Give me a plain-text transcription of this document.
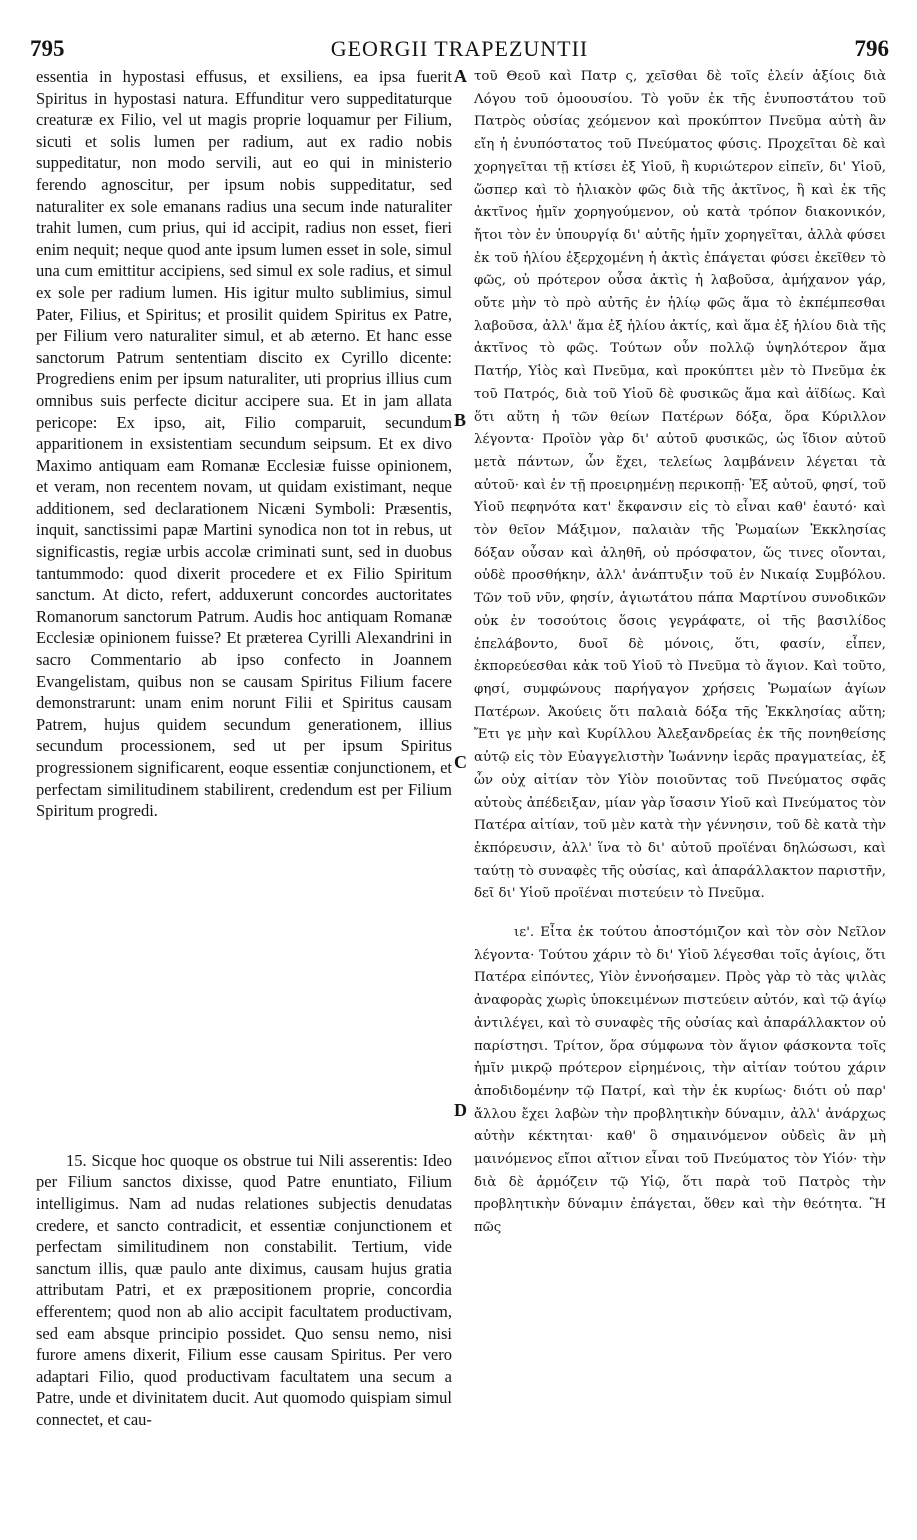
795	GEORGII TRAPEZUNTII	796

essentia in hypostasi effusus, et exsiliens, ea ipsa fuerit Spiritus in hypostasi natura. Effunditur vero suppeditaturque creaturæ ex Filio, vel ut magis proprie loquamur per Filium, sicuti et solis lumen per radium, aut ex radio nobis suppeditatur, non modo servili, aut eo qui in ministerio ferendo agnoscitur, per ipsum nobis suppeditatur, sed naturaliter ex sole emanans radius una secum inde naturaliter trahit lumen, cum prius, qui id accipit, radius non esset, fieri enim nequit; neque quod ante ipsum lumen esset in sole, simul una cum emittitur accipiens, sed simul ex sole radius, et simul ex sole per radium lumen. His igitur multo sublimius, simul Pater, Filius, et Spiritus; et prosilit quidem Spiritus ex Patre, per Filium vero naturaliter simul, et ab æterno. Et hanc esse sanctorum Patrum sententiam discito ex Cyrillo dicente: Progrediens enim per ipsum naturaliter, uti proprius illius cum omnibus suis perfecte dicitur accipere sua. Et in jam allata pericope: Ex ipso, ait, Filio comparuit, secundum apparitionem in exsistentiam secundum seipsum. Et ex divo Maximo antiquam eam Romanæ Ecclesiæ fuisse opinionem, et veram, non recentem novam, ut quidam existimant, neque additionem, sed declarationem Nicæni Symboli: Præsentis, inquit, sanctissimi papæ Martini synodica non tot in rebus, ut significastis, regiæ urbis accolæ criminati sunt, sed in duobus tantummodo: quod dixerit procedere et ex Filio Spiritum sanctum. At dicto, refert, adduxerunt concordes auctoritates Romanorum sanctorum Patrum. Audis hoc antiquam Romanæ Ecclesiæ opinionem fuisse? Et præterea Cyrilli Alexandrini in sacro Commentario ab ipso confecto in Joannem Evangelistam, quibus non se causam Spiritus Filium facere demonstrarunt: unam enim norunt Filii et Spiritus causam Patrem, hujus quidem secundum generationem, illius secundum processionem, sed ut per ipsum Spiritus progressionem significarent, eoque essentiæ conjunctionem, et perfectam similitudinem stabilirent, credendum est per Filium Spiritum progredi.

15. Sicque hoc quoque os obstrue tui Nili asserentis: Ideo per Filium sanctos dixisse, quod Patre enuntiato, Filium intelligimus. Nam ad nudas relationes subjectis denudatas credere, et sancto contradicit, et essentiæ conjunctionem et perfectam similitudinem non constabilit. Tertium, vide sanctum illis, quæ paulo ante diximus, causam hujus gratia attributam Patri, et ex præpositionem proprie, concordia efferentem; quod non ab alio accipit facultatem productivam, sed eam absque principio possidet. Quo sensu nemo, nisi furore amens dixerit, Filium esse causam Spiritus. Per vero adaptari Filio, quod productivam facultatem una secum a Patre, unde et divinitatem ducit. Aut quomodo quispiam simul connectet, et cau-

A
B
C
D

τοῦ Θεοῦ καὶ Πατρ ς, χεῖσθαι δὲ τοῖς ἐλείν ἀξίοις διὰ Λόγου τοῦ ὁμοουσίου. Τὸ γοῦν ἐκ τῆς ἐνυποστάτου τοῦ Πατρὸς οὐσίας χεόμενον καὶ προκύπτον Πνεῦμα αὐτὴ ἂν εἴη ἡ ἐνυπόστατος τοῦ Πνεύματος φύσις. Προχεῖται δὲ καὶ χορηγεῖται τῇ κτίσει ἐξ Υἱοῦ, ἢ κυριώτερον εἰπεῖν, δι' Υἱοῦ, ὥσπερ καὶ τὸ ἡλιακὸν φῶς διὰ τῆς ἀκτῖνος, ἢ καὶ ἐκ τῆς ἀκτῖνος ἡμῖν χορηγούμενον, οὐ κατὰ τρόπον διακονικόν, ἤτοι τὸν ἐν ὑπουργίᾳ δι' αὐτῆς ἡμῖν χορηγεῖται, ἀλλὰ φύσει ἐκ τοῦ ἡλίου ἐξερχομένη ἡ ἀκτὶς ἐπάγεται φύσει ἐκεῖθεν τὸ φῶς, οὐ πρότερον οὖσα ἀκτὶς ἡ λαβοῦσα, ἀμήχανον γάρ, οὔτε μὴν τὸ πρὸ αὐτῆς ἐν ἡλίῳ φῶς ἅμα τὸ ἐκπέμπεσθαι λαβοῦσα, ἀλλ' ἅμα ἐξ ἡλίου ἀκτίς, καὶ ἅμα ἐξ ἡλίου διὰ τῆς ἀκτῖνος τὸ φῶς. Τούτων οὖν πολλῷ ὑψηλότερον ἅμα Πατήρ, Υἱὸς καὶ Πνεῦμα, καὶ προκύπτει μὲν τὸ Πνεῦμα ἐκ τοῦ Πατρός, διὰ τοῦ Υἱοῦ δὲ φυσικῶς ἅμα καὶ ἀϊδίως. Καὶ ὅτι αὕτη ἡ τῶν θείων Πατέρων δόξα, ὅρα Κύριλλον λέγοντα· Προϊὸν γὰρ δι' αὐτοῦ φυσικῶς, ὡς ἴδιον αὐτοῦ μετὰ πάντων, ὧν ἔχει, τελείως λαμβάνειν λέγεται τὰ αὐτοῦ· καὶ ἐν τῇ προειρημένῃ περικοπῇ· Ἐξ αὐτοῦ, φησί, τοῦ Υἱοῦ πεφηνότα κατ' ἔκφανσιν εἰς τὸ εἶναι καθ' ἑαυτό· καὶ τὸν θεῖον Μάξιμον, παλαιὰν τῆς Ῥωμαίων Ἐκκλησίας δόξαν οὖσαν καὶ ἀληθῆ, οὐ πρόσφατον, ὥς τινες οἴονται, οὐδὲ προσθήκην, ἀλλ' ἀνάπτυξιν τοῦ ἐν Νικαίᾳ Συμβόλου. Τῶν τοῦ νῦν, φησίν, ἁγιωτάτου πάπα Μαρτίνου συνοδικῶν οὐκ ἐν τοσούτοις ὅσοις γεγράφατε, οἱ τῆς βασιλίδος ἐπελάβοντο, δυοῖ δὲ μόνοις, ὅτι, φασίν, εἶπεν, ἐκπορεύεσθαι κἀκ τοῦ Υἱοῦ τὸ Πνεῦμα τὸ ἅγιον. Καὶ τοῦτο, φησί, συμφώνους παρήγαγον χρήσεις Ῥωμαίων ἁγίων Πατέρων. Ἀκούεις ὅτι παλαιὰ δόξα τῆς Ἐκκλησίας αὕτη; Ἔτι γε μὴν καὶ Κυρίλλου Ἀλεξανδρείας ἐκ τῆς πονηθείσης αὐτῷ εἰς τὸν Εὐαγγελιστὴν Ἰωάννην ἱερᾶς πραγματείας, ἐξ ὧν οὐχ αἰτίαν τὸν Υἱὸν ποιοῦντας τοῦ Πνεύματος σφᾶς αὐτοὺς ἀπέδειξαν, μίαν γὰρ ἴσασιν Υἱοῦ καὶ Πνεύματος τὸν Πατέρα αἰτίαν, τοῦ μὲν κατὰ τὴν γέννησιν, τοῦ δὲ κατὰ τὴν ἐκπόρευσιν, ἀλλ' ἵνα τὸ δι' αὐτοῦ προϊέναι δηλώσωσι, καὶ ταύτῃ τὸ συναφὲς τῆς οὐσίας, καὶ ἀπαράλλακτον παριστῆν, δεῖ δι' Υἱοῦ προϊέναι πιστεύειν τὸ Πνεῦμα.

ιε'. Εἶτα ἐκ τούτου ἀποστόμιζον καὶ τὸν σὸν Νεῖλον λέγοντα· Τούτου χάριν τὸ δι' Υἱοῦ λέγεσθαι τοῖς ἁγίοις, ὅτι Πατέρα εἰπόντες, Υἱὸν ἐννοήσαμεν. Πρὸς γὰρ τὸ τὰς ψιλὰς ἀναφορὰς χωρὶς ὑποκειμένων πιστεύειν αὐτόν, καὶ τῷ ἁγίῳ ἀντιλέγει, καὶ τὸ συναφὲς τῆς οὐσίας καὶ ἀπαράλλακτον οὐ παρίστησι. Τρίτον, ὅρα σύμφωνα τὸν ἅγιον φάσκοντα τοῖς ἡμῖν μικρῷ πρότερον εἰρημένοις, τὴν αἰτίαν τούτου χάριν ἀποδιδομένην τῷ Πατρί, καὶ τὴν ἐκ κυρίως· διότι οὐ παρ' ἄλλου ἔχει λαβὼν τὴν προβλητικὴν δύναμιν, ἀλλ' ἀνάρχως αὐτὴν κέκτηται· καθ' ὃ σημαινόμενον οὐδεὶς ἂν μὴ μαινόμενος εἴποι αἴτιον εἶναι τοῦ Πνεύματος τὸν Υἱόν· τὴν διὰ δὲ ἁρμόζειν τῷ Υἱῷ, ὅτι παρὰ τοῦ Πατρὸς τὴν προβλητικὴν δύναμιν ἐπάγεται, ὅθεν καὶ τὴν θεότητα. Ἢ πῶς
